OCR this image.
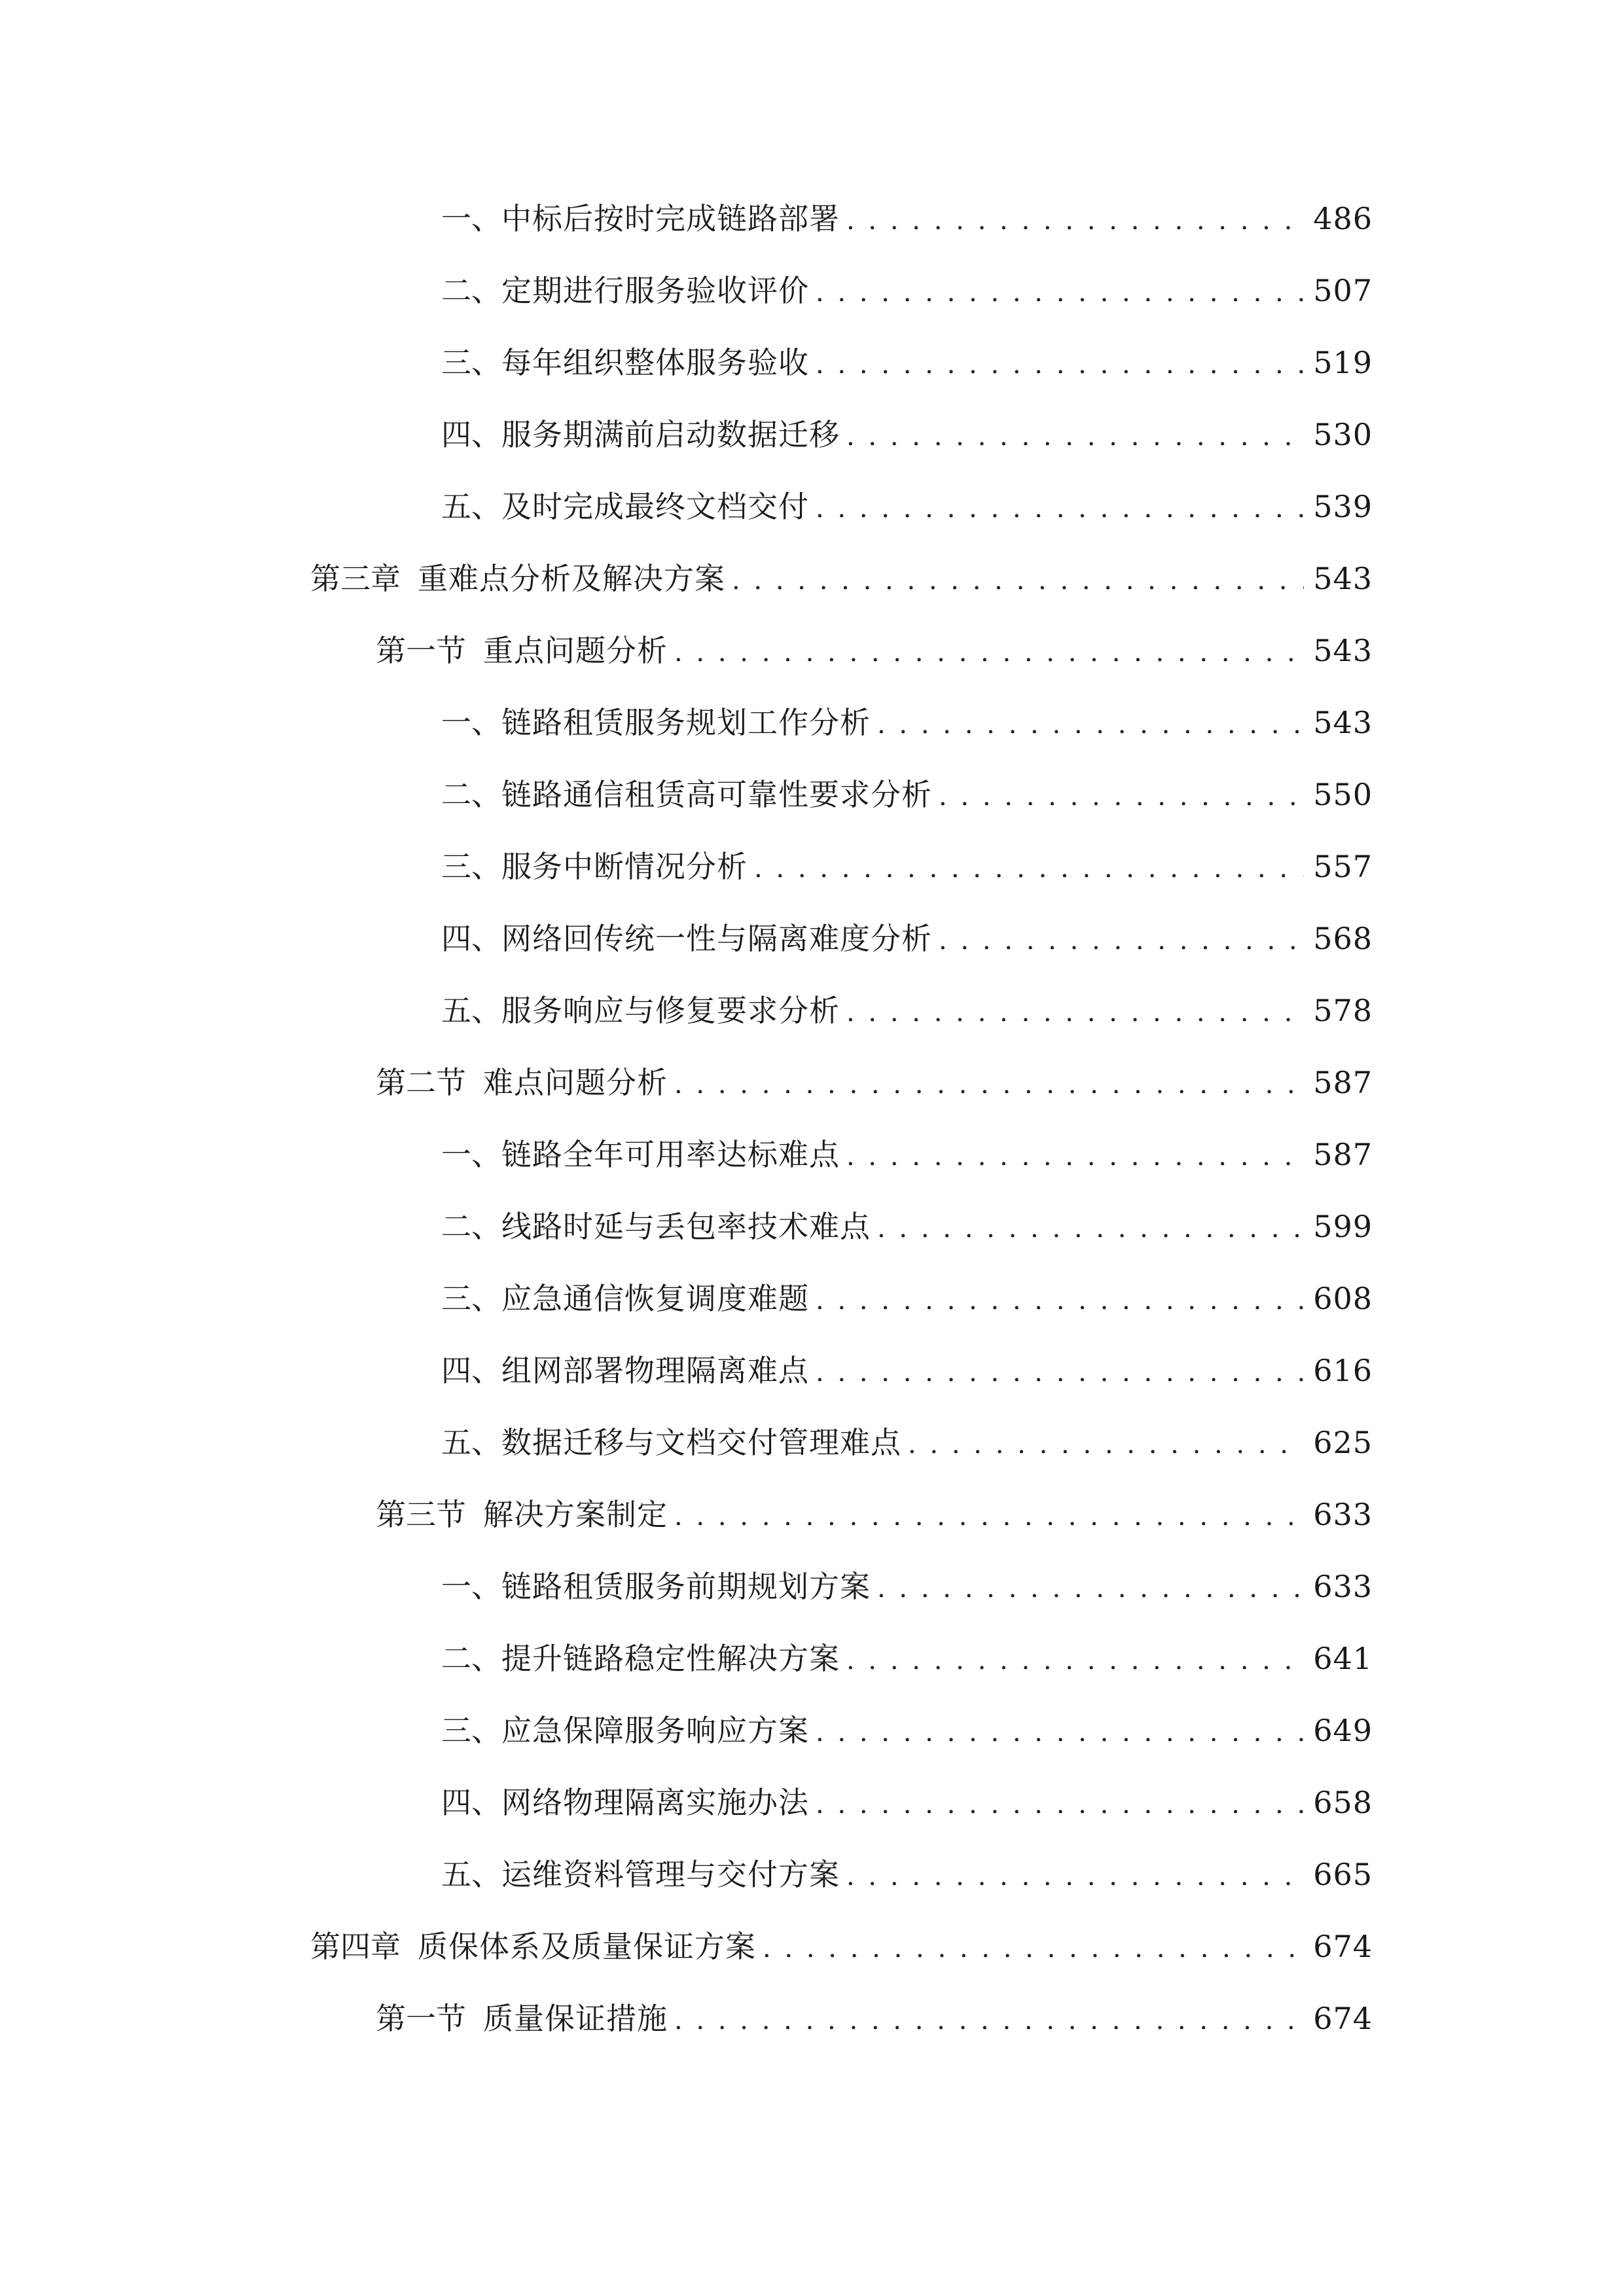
一、 中标后按时完成链路部署 . . .	486
二、 定期进行服务验收评价 . . .	507
三、 每年组织整体服务验收 . . .	519
四、 服务期满前启动数据迁移 . . .	530
五、 及时完成最终文档交付 . . .	539
第三章 重难点分析及解决方案 . . .	543
第一节 重点问题分析 . . .	543
一、 链路租赁服务规划工作分析 . . .	543
二、 链路通信租赁高可靠性要求分析 . . .	550
三、 服务中断情况分析 . . .	557
四、 网络回传统一性与隔离难度分析 . . .	568
五、 服务响应与修复要求分析 . . .	578
第二节 难点问题分析 . . .	587
一、 链路全年可用率达标难点 . . .	587
二、 线路时延与丢包率技术难点 . . .	599
三、 应急通信恢复调度难题 . . .	608
四、 组网部署物理隔离难点 . . .	616
五、 数据迁移与文档交付管理难点 . . .	625
第三节 解决方案制定 . . .	633
一、 链路租赁服务前期规划方案 . . .	633
二、 提升链路稳定性解决方案 . . .	641
三、 应急保障服务响应方案 . . .	649
四、 网络物理隔离实施办法 . . .	658
五、 运维资料管理与交付方案 . . .	665
第四章 质保体系及质量保证方案 . . .	674
第一节 质量保证措施 . . .	674
